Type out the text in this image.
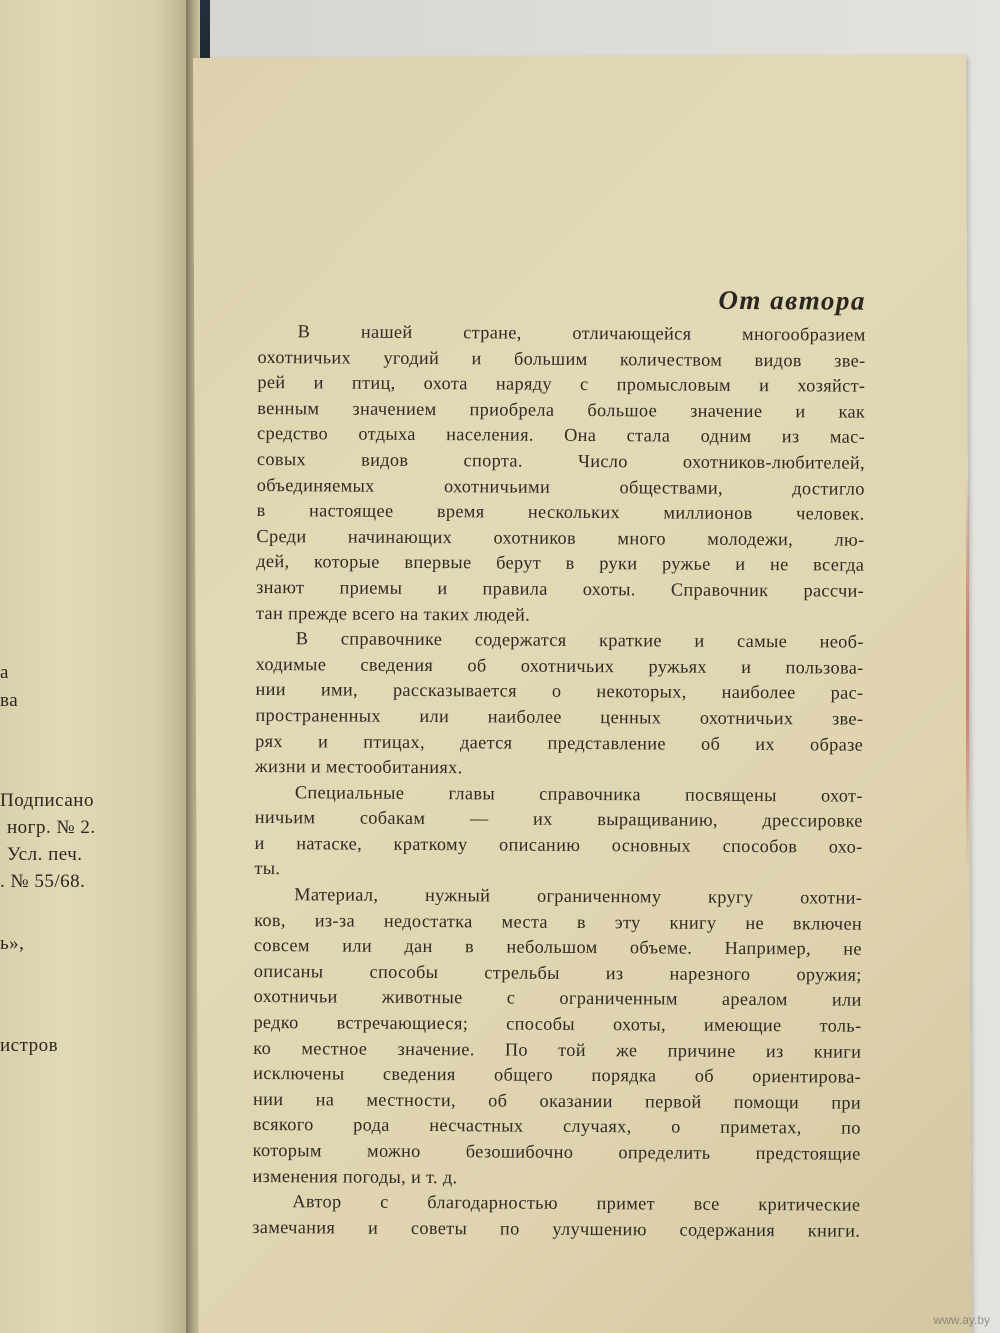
а
ва
Подписано
ногр. № 2.
Усл. печ.
. № 55/68.
ь»,
истров
От автора

В нашей стране, отличающейся многообразием
охотничьих угодий и большим количеством видов зве-
рей и птиц, охота наряду с промысловым и хозяйст-
венным значением приобрела большое значение и как
средство отдыха населения. Она стала одним из мас-
совых видов спорта. Число охотников-любителей,
объединяемых охотничьими обществами, достигло
в настоящее время нескольких миллионов человек.
Среди начинающих охотников много молодежи, лю-
дей, которые впервые берут в руки ружье и не всегда
знают приемы и правила охоты. Справочник рассчи-
тан прежде всего на таких людей.

В справочнике содержатся краткие и самые необ-
ходимые сведения об охотничьих ружьях и пользова-
нии ими, рассказывается о некоторых, наиболее рас-
пространенных или наиболее ценных охотничьих зве-
рях и птицах, дается представление об их образе
жизни и местообитаниях.

Специальные главы справочника посвящены охот-
ничьим собакам — их выращиванию, дрессировке
и натаске, краткому описанию основных способов охо-
ты.

Материал, нужный ограниченному кругу охотни-
ков, из-за недостатка места в эту книгу не включен
совсем или дан в небольшом объеме. Например, не
описаны способы стрельбы из нарезного оружия;
охотничьи животные с ограниченным ареалом или
редко встречающиеся; способы охоты, имеющие толь-
ко местное значение. По той же причине из книги
исключены сведения общего порядка об ориентирова-
нии на местности, об оказании первой помощи при
всякого рода несчастных случаях, о приметах, по
которым можно безошибочно определить предстоящие
изменения погоды, и т. д.

Автор с благодарностью примет все критические
замечания и советы по улучшению содержания книги.

www.ay.by
